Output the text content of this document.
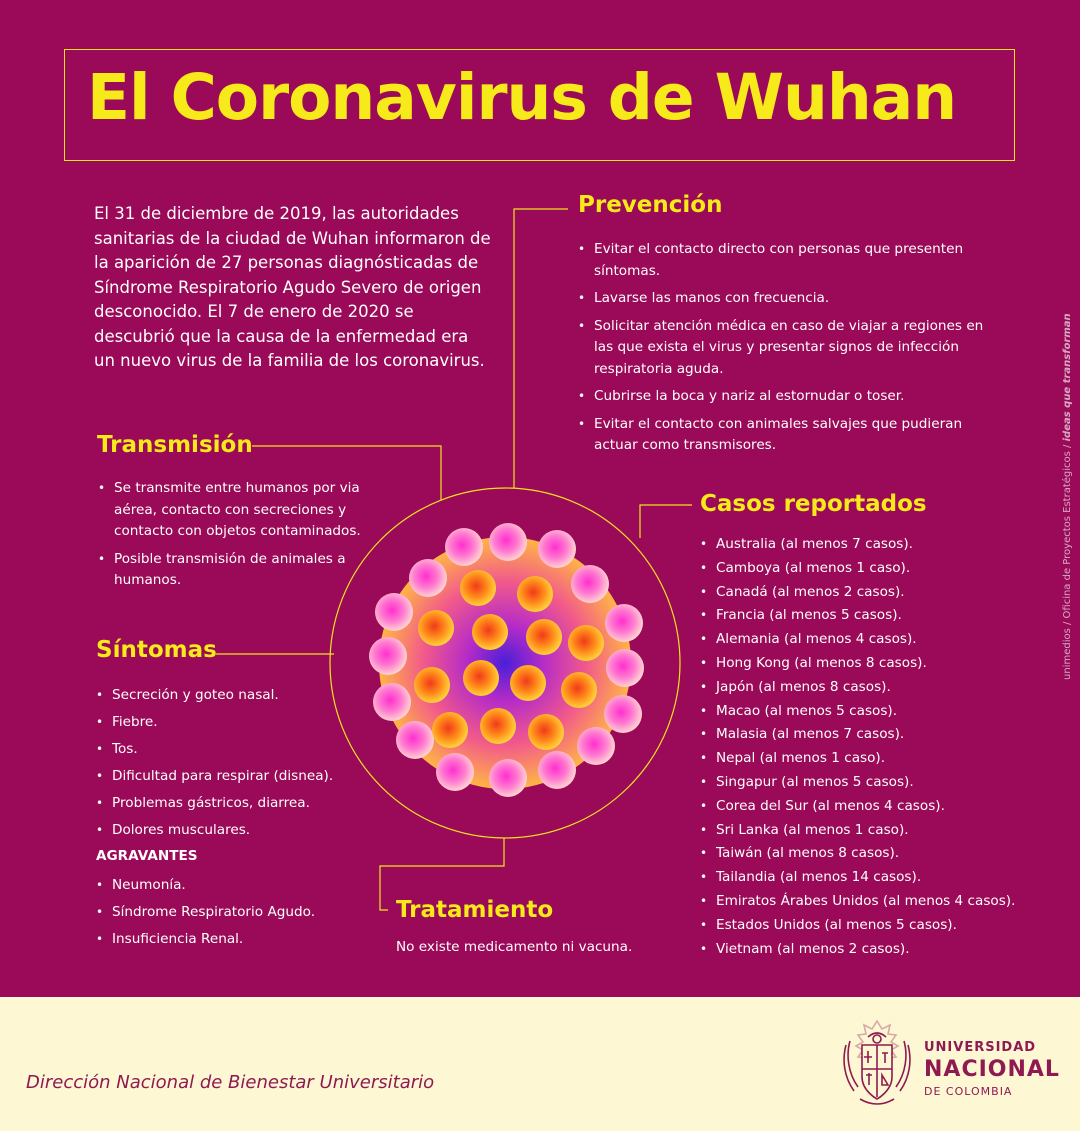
El Coronavirus de Wuhan
El 31 de diciembre de 2019, las autoridades sanitarias de la ciudad de Wuhan informaron de la aparición de 27 personas diagnósticadas de Síndrome Respiratorio Agudo Severo de origen desconocido. El 7 de enero de 2020 se descubrió que la causa de la enfermedad era un nuevo virus de la familia de los coronavirus.
Prevención
• Evitar el contacto directo con personas que presenten síntomas.
• Lavarse las manos con frecuencia.
• Solicitar atención médica en caso de viajar a regiones en las que exista el virus y presentar signos de infección respiratoria aguda.
• Cubrirse la boca y nariz al estornudar o toser.
• Evitar el contacto con animales salvajes que pudieran actuar como transmisores.
Transmisión
• Se transmite entre humanos por via aérea, contacto con secreciones y contacto con objetos contaminados.
• Posible transmisión de animales a humanos.
Síntomas
• Secreción y goteo nasal.
• Fiebre.
• Tos.
• Dificultad para respirar (disnea).
• Problemas gástricos, diarrea.
• Dolores musculares.
AGRAVANTES
• Neumonía.
• Síndrome Respiratorio Agudo.
• Insuficiencia Renal.
Casos reportados
• Australia (al menos 7 casos).
• Camboya (al menos 1 caso).
• Canadá (al menos 2 casos).
• Francia (al menos 5 casos).
• Alemania (al menos 4 casos).
• Hong Kong (al menos 8 casos).
• Japón (al menos 8 casos).
• Macao (al menos 5 casos).
• Malasia (al menos 7 casos).
• Nepal (al menos 1 caso).
• Singapur (al menos 5 casos).
• Corea del Sur (al menos 4 casos).
• Sri Lanka (al menos 1 caso).
• Taiwán (al menos 8 casos).
• Tailandia (al menos 14 casos).
• Emiratos Árabes Unidos (al menos 4 casos).
• Estados Unidos (al menos 5 casos).
• Vietnam (al menos 2 casos).
Tratamiento
No existe medicamento ni vacuna.
unimedios / Oficina de Proyectos Estratégicos / ideas que transforman
Dirección Nacional de Bienestar Universitario
UNIVERSIDAD
NACIONAL
DE COLOMBIA
